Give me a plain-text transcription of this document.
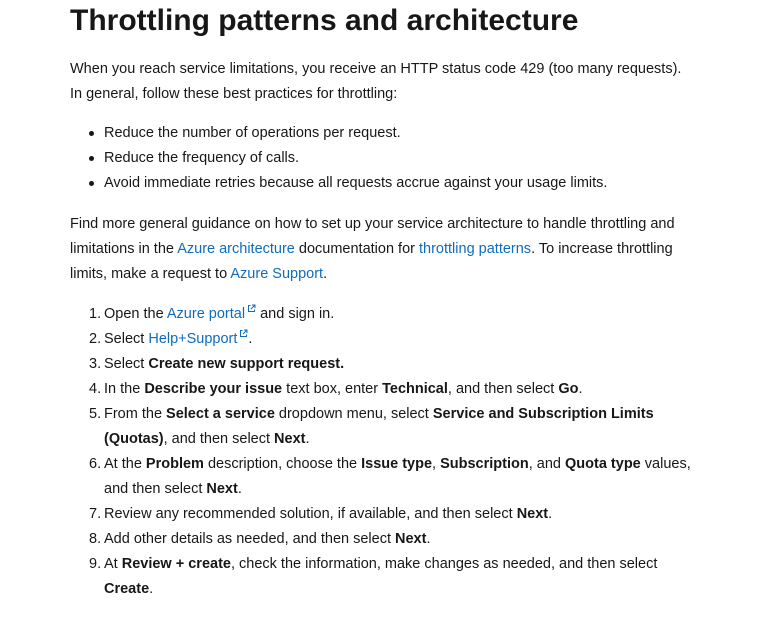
Throttling patterns and architecture

When you reach service limitations, you receive an HTTP status code 429 (too many requests). In general, follow these best practices for throttling:

Reduce the number of operations per request.
Reduce the frequency of calls.
Avoid immediate retries because all requests accrue against your usage limits.

Find more general guidance on how to set up your service architecture to handle throttling and limitations in the Azure architecture documentation for throttling patterns. To increase throttling limits, make a request to Azure Support.

1. Open the Azure portal
and sign in.
2. Select Help+Support .
3. Select Create new support request.
4. In the Describe your issue text box, enter Technical, and then select Go.
5. From the Select a service dropdown menu, select Service and Subscription Limits (Quotas), and then select Next.
6. At the Problem description, choose the Issue type, Subscription, and Quota type values, and then select Next.
7. Review any recommended solution, if available, and then select Next.
8. Add other details as needed, and then select Next.
9. At Review + create, check the information, make changes as needed, and then select Create.
